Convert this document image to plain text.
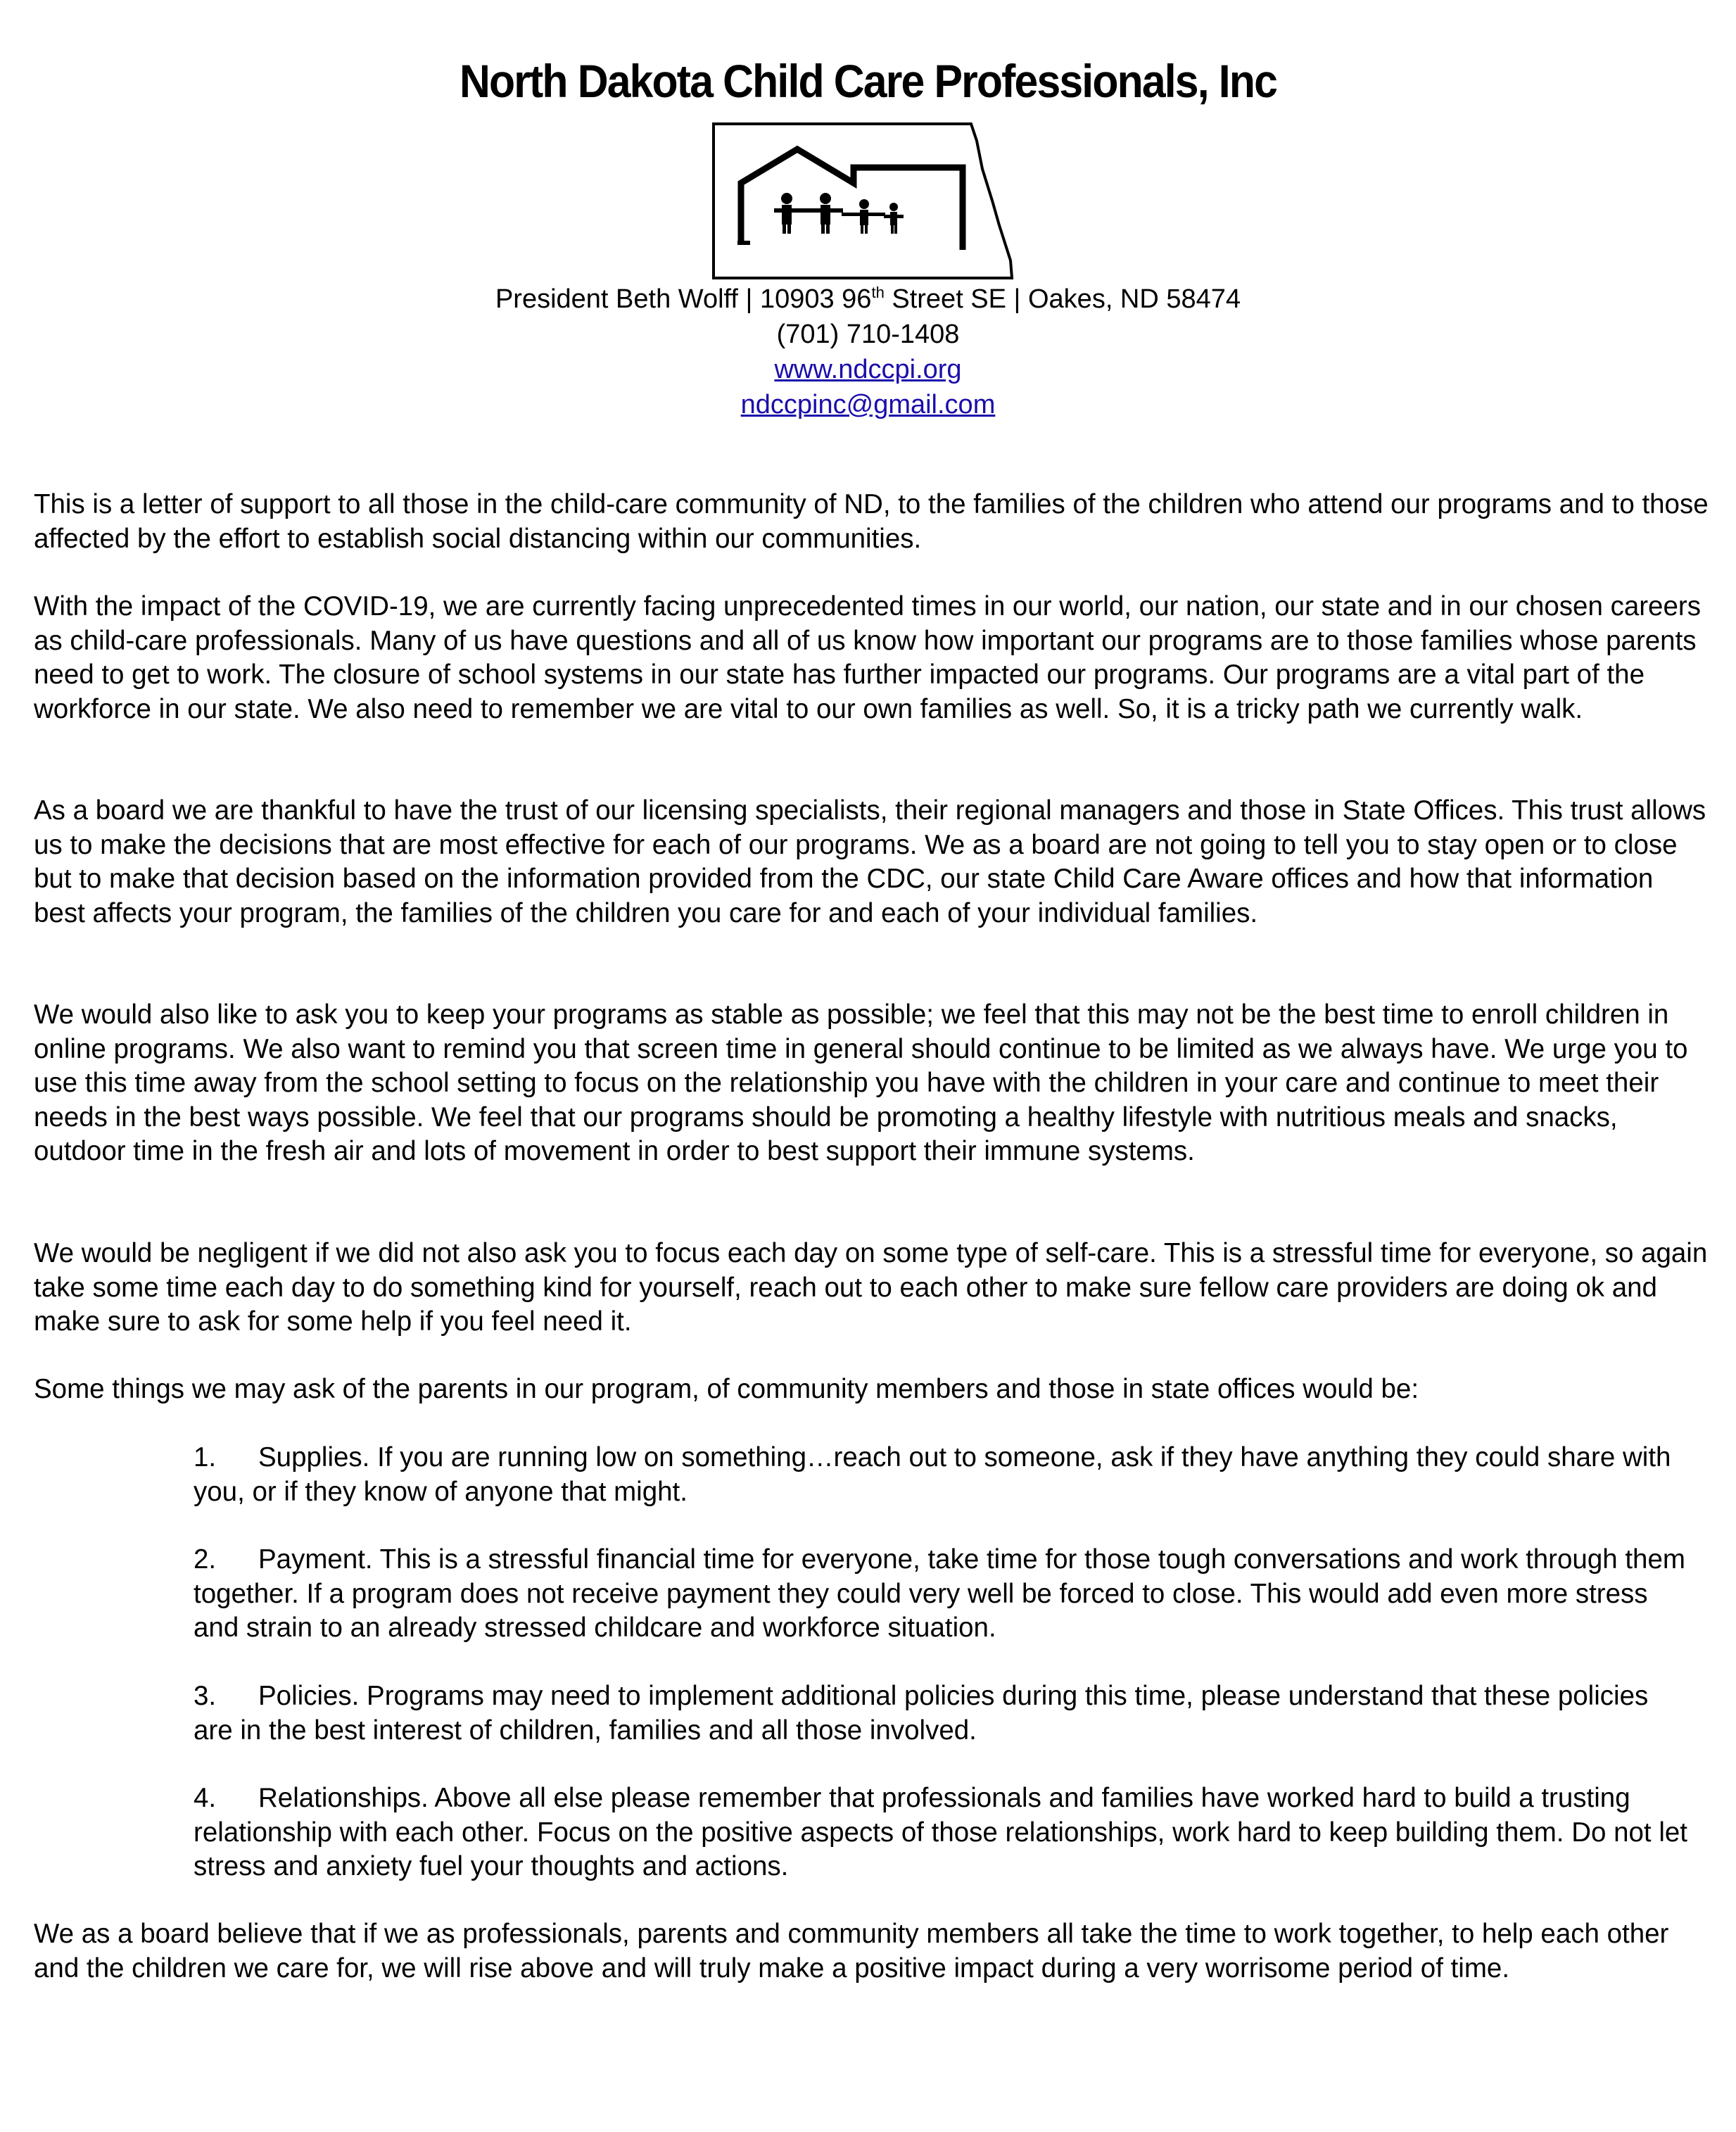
North Dakota Child Care Professionals, Inc
President Beth Wolff | 10903 96th Street SE | Oakes, ND 58474
(701) 710-1408
www.ndccpi.org
ndccpinc@gmail.com

This is a letter of support to all those in the child-care community of ND, to the families of the children who attend our programs and to those affected by the effort to establish social distancing within our communities.

With the impact of the COVID-19, we are currently facing unprecedented times in our world, our nation, our state and in our chosen careers as child-care professionals. Many of us have questions and all of us know how important our programs are to those families whose parents need to get to work. The closure of school systems in our state has further impacted our programs. Our programs are a vital part of the workforce in our state. We also need to remember we are vital to our own families as well. So, it is a tricky path we currently walk.

As a board we are thankful to have the trust of our licensing specialists, their regional managers and those in State Offices. This trust allows us to make the decisions that are most effective for each of our programs. We as a board are not going to tell you to stay open or to close but to make that decision based on the information provided from the CDC, our state Child Care Aware offices and how that information best affects your program, the families of the children you care for and each of your individual families.

We would also like to ask you to keep your programs as stable as possible; we feel that this may not be the best time to enroll children in online programs. We also want to remind you that screen time in general should continue to be limited as we always have. We urge you to use this time away from the school setting to focus on the relationship you have with the children in your care and continue to meet their needs in the best ways possible. We feel that our programs should be promoting a healthy lifestyle with nutritious meals and snacks, outdoor time in the fresh air and lots of movement in order to best support their immune systems.

We would be negligent if we did not also ask you to focus each day on some type of self-care. This is a stressful time for everyone, so again take some time each day to do something kind for yourself, reach out to each other to make sure fellow care providers are doing ok and make sure to ask for some help if you feel need it.

Some things we may ask of the parents in our program, of community members and those in state offices would be:

1. Supplies. If you are running low on something…reach out to someone, ask if they have anything they could share with you, or if they know of anyone that might.

2. Payment. This is a stressful financial time for everyone, take time for those tough conversations and work through them together. If a program does not receive payment they could very well be forced to close. This would add even more stress and strain to an already stressed childcare and workforce situation.

3. Policies. Programs may need to implement additional policies during this time, please understand that these policies are in the best interest of children, families and all those involved.

4. Relationships. Above all else please remember that professionals and families have worked hard to build a trusting relationship with each other. Focus on the positive aspects of those relationships, work hard to keep building them. Do not let stress and anxiety fuel your thoughts and actions.

We as a board believe that if we as professionals, parents and community members all take the time to work together, to help each other and the children we care for, we will rise above and will truly make a positive impact during a very worrisome period of time.
